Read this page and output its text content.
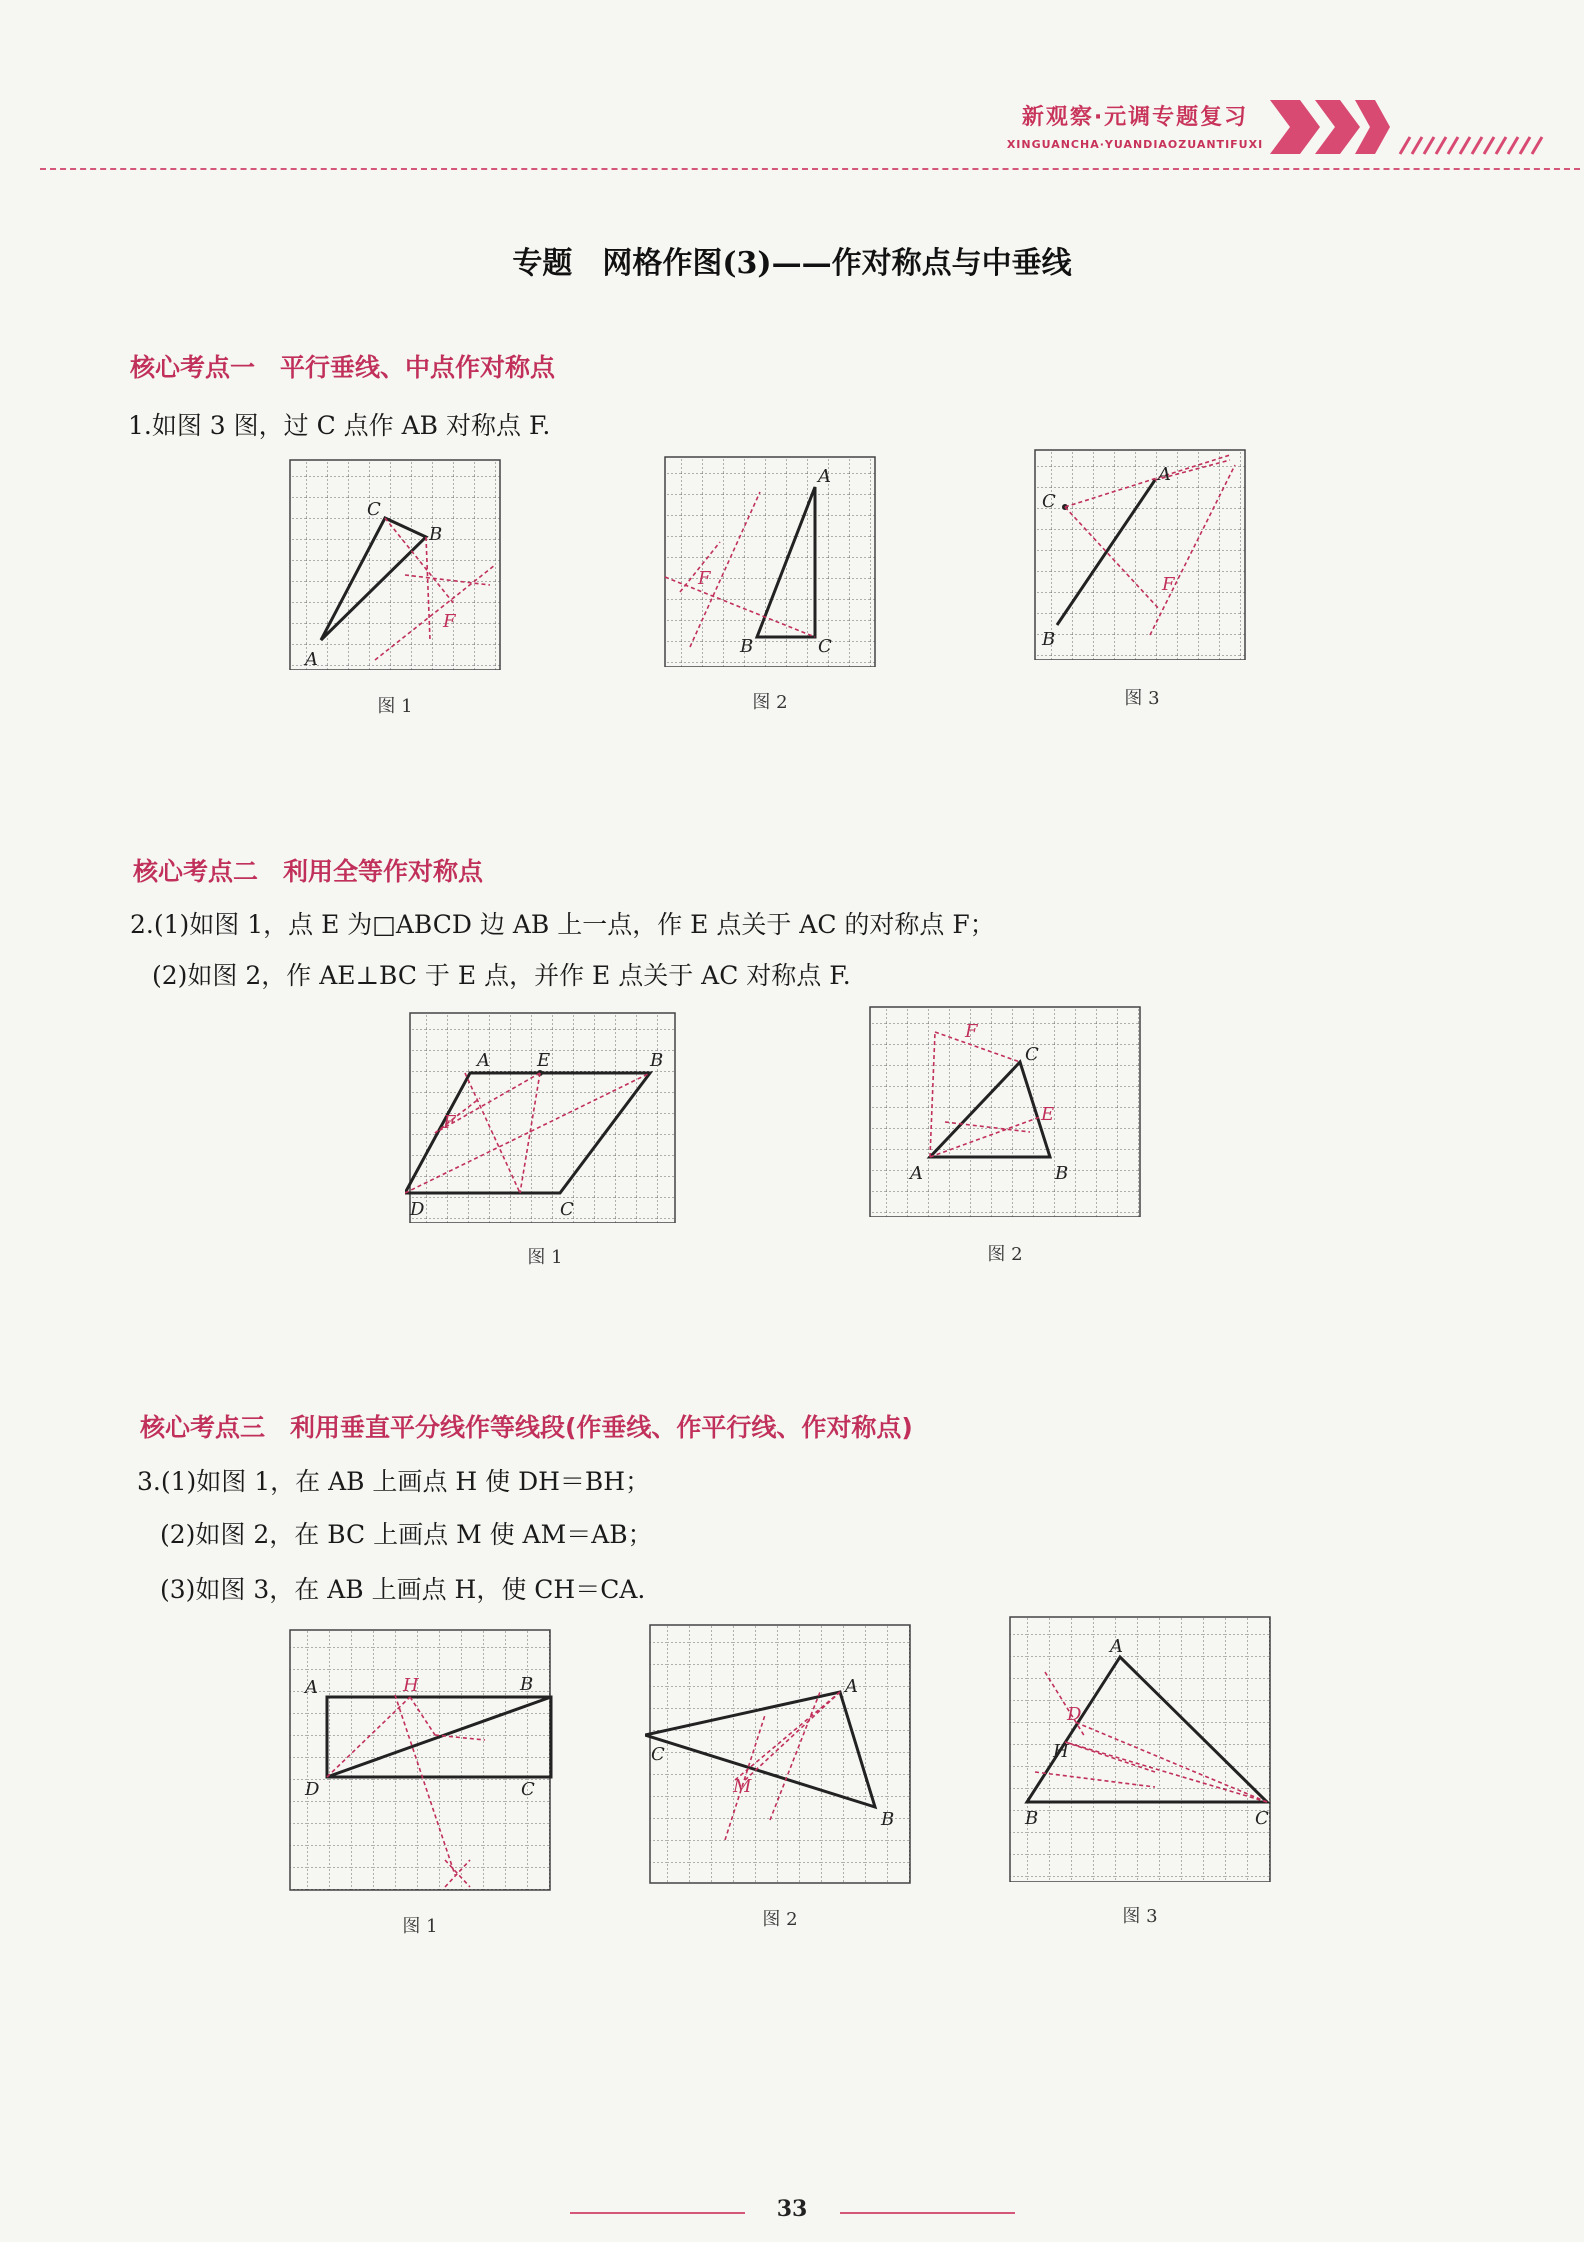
新观察·元调专题复习
XINGUANCHA·YUANDIAOZUANTIFUXI
专题　网格作图(3)——作对称点与中垂线
核心考点一　平行垂线、中点作对称点
1.如图 3 图，过 C 点作 AB 对称点 F.
C
B
A
F
图 1
A
F
B	C
图 2
A
C
F
B
图 3
核心考点二　利用全等作对称点
2.(1)如图 1，点 E 为□ABCD 边 AB 上一点，作 E 点关于 AC 的对称点 F；
(2)如图 2，作 AE⊥BC 于 E 点，并作 E 点关于 AC 对称点 F.
A	E	B
F
D	C
图 1
F
C
E
A	B
图 2
核心考点三　利用垂直平分线作等线段(作垂线、作平行线、作对称点)
3.(1)如图 1，在 AB 上画点 H 使 DH＝BH；
(2)如图 2，在 BC 上画点 M 使 AM＝AB；
(3)如图 3，在 AB 上画点 H，使 CH＝CA.
A	H	B
D	C
图 1
A
C
M
B
图 2
A
D
H
B	C
图 3
33
